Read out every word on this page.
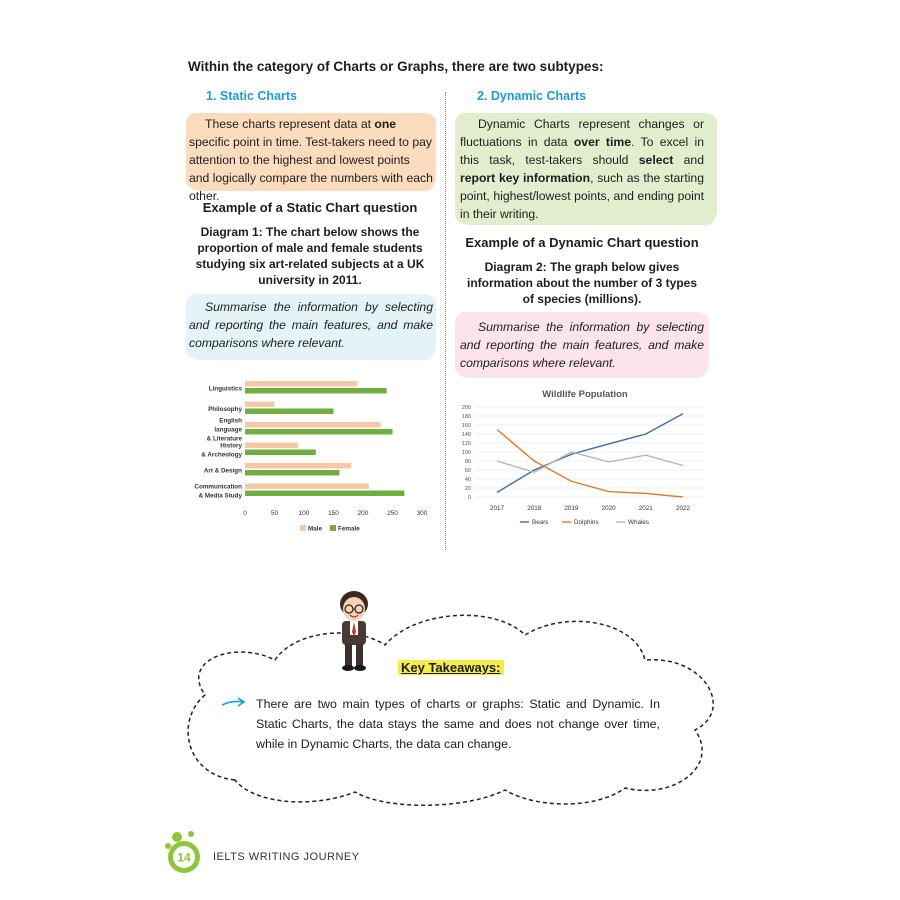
Within the category of Charts or Graphs, there are two subtypes:
1. Static Charts
These charts represent data at one specific point in time. Test-takers need to pay attention to the highest and lowest points and logically compare the numbers with each other.
Example of a Static Chart question
Diagram 1: The chart below shows the proportion of male and female students studying six art-related subjects at a UK university in 2011.
Summarise the information by selecting and reporting the main features, and make comparisons where relevant.
Linguistics
Philosophy
English
language
& Literature
History
& Archeology
Art & Design
Communication
& Media Study
0	50	100	150	200	250	300
Male	Female
2. Dynamic Charts
Dynamic Charts represent changes or fluctuations in data over time. To excel in this task, test-takers should select and report key information, such as the starting point, highest/lowest points, and ending point in their writing.
Example of a Dynamic Chart question
Diagram 2: The graph below gives information about the number of 3 types of species (millions).
Summarise the information by selecting and reporting the main features, and make comparisons where relevant.
Wildlife Population
200
180
160
140
120
100
80
60
40
20
0
2017	2018	2019	2020	2021	2022
Bears	Dolphins	Whales
Key Takeaways:
There are two main types of charts or graphs: Static and Dynamic. In Static Charts, the data stays the same and does not change over time, while in Dynamic Charts, the data can change.
14 IELTS WRITING JOURNEY
